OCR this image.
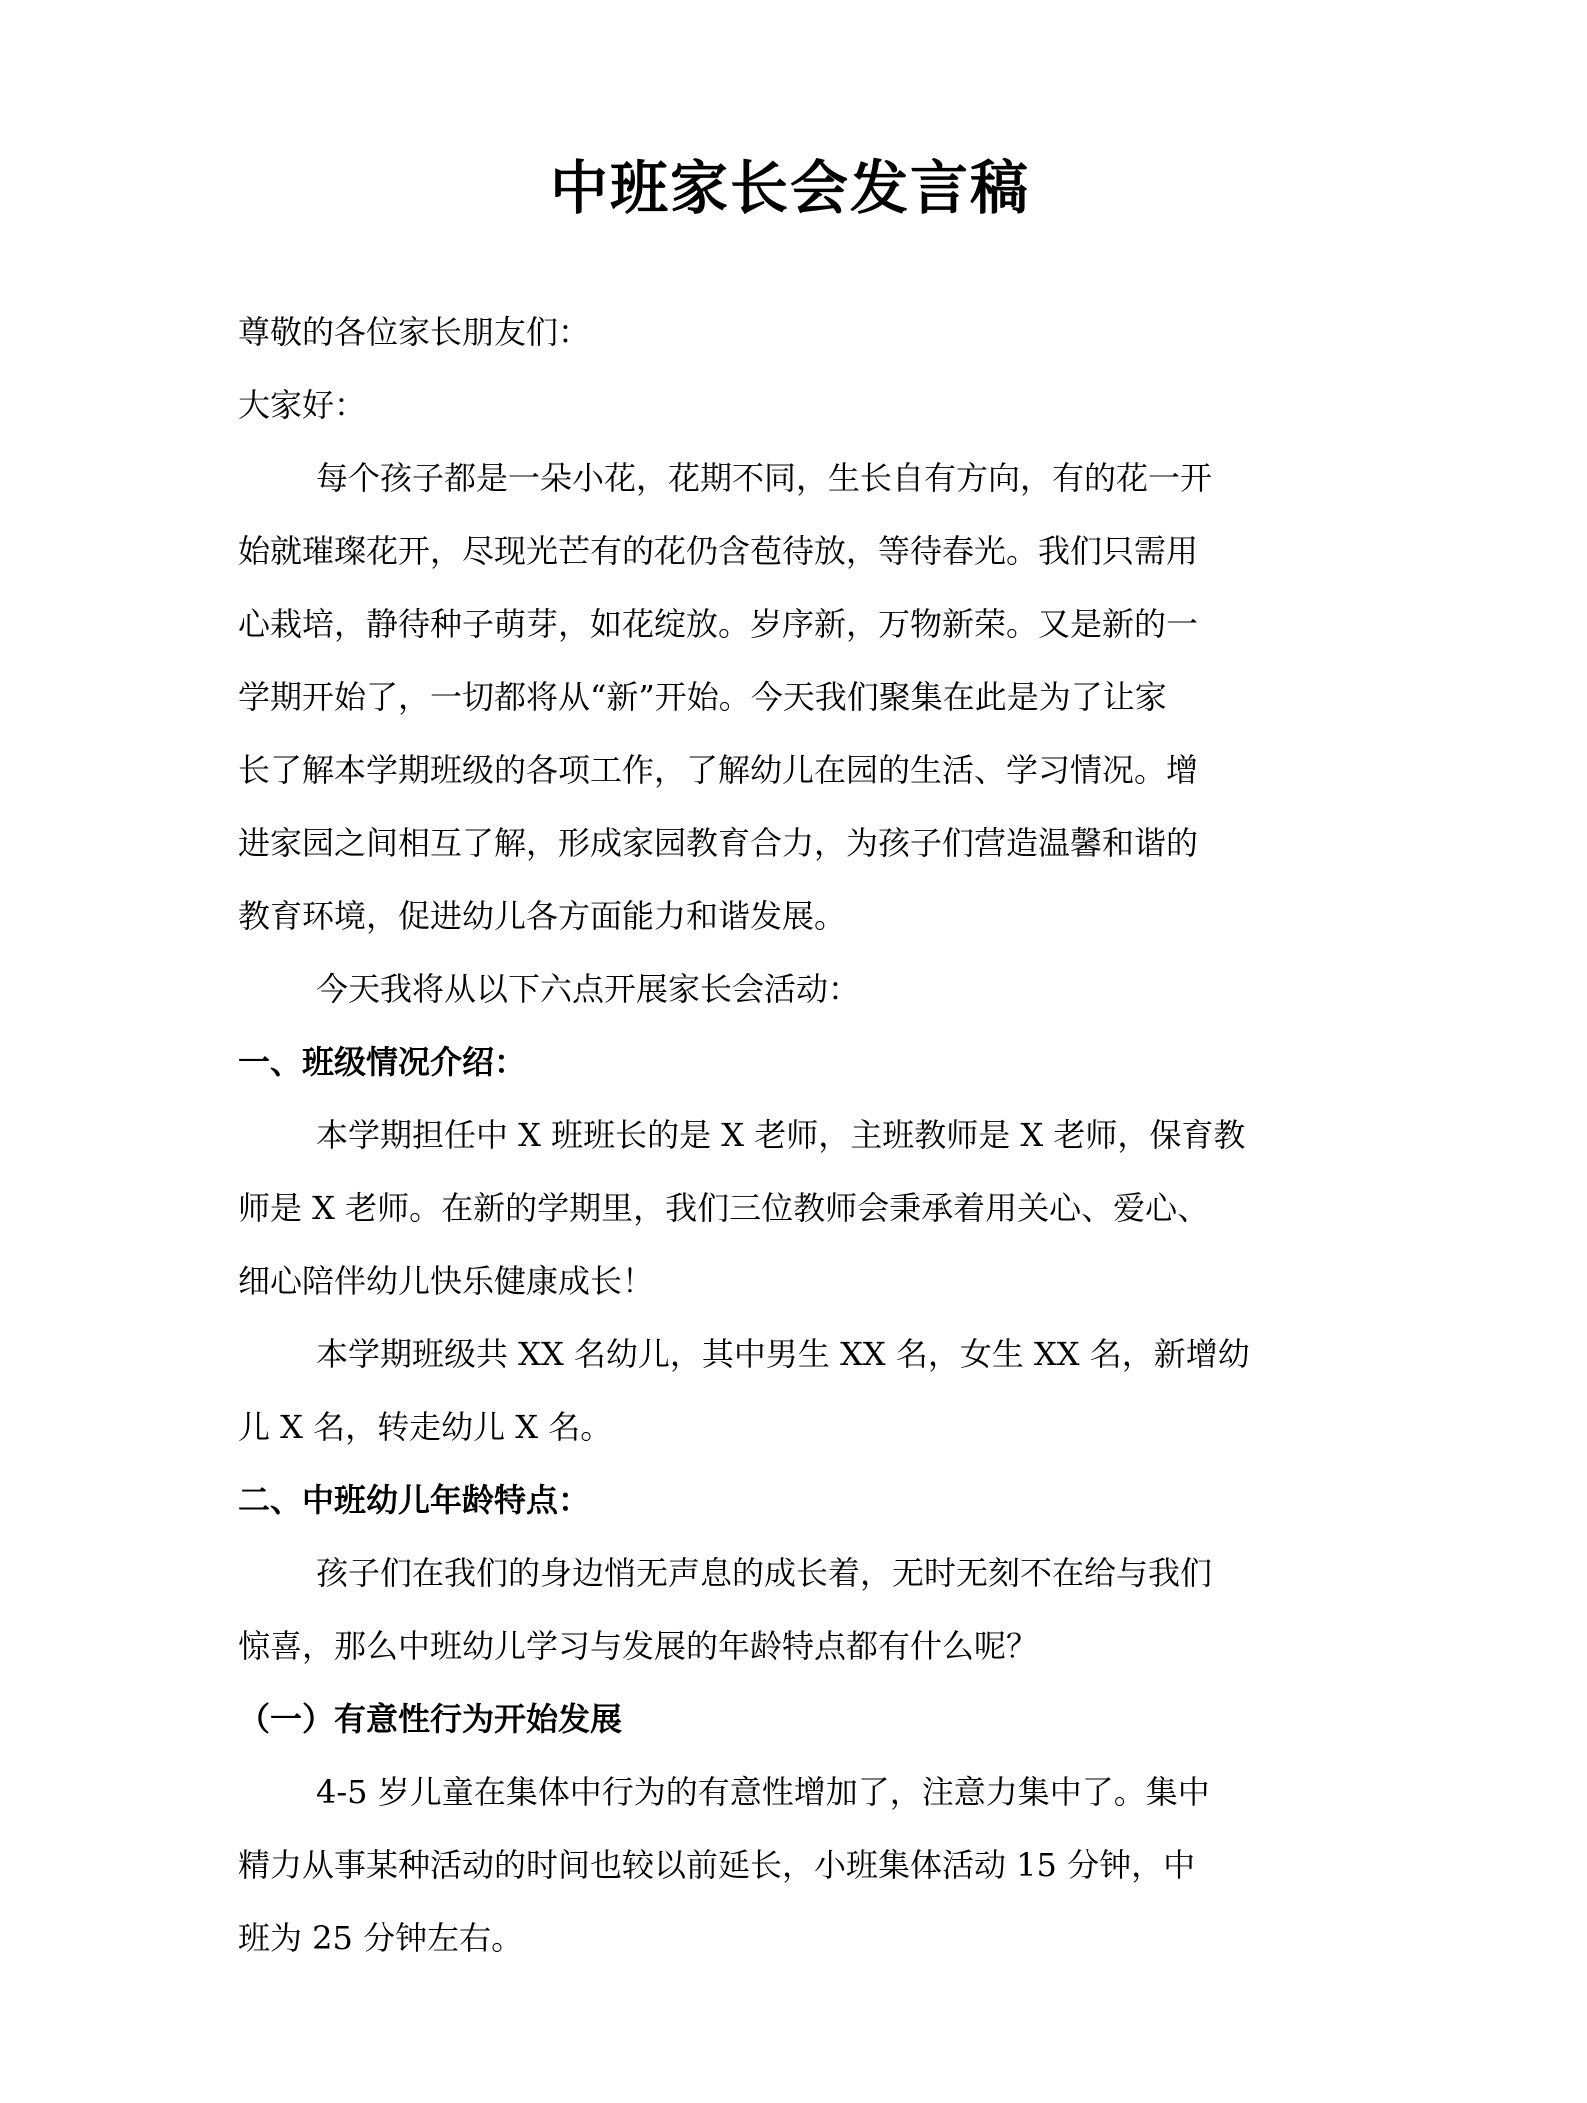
中班家长会发言稿
尊敬的各位家长朋友们：
大家好：
每个孩子都是一朵小花，花期不同，生长自有方向，有的花一开
始就璀璨花开，尽现光芒有的花仍含苞待放，等待春光。我们只需用
心栽培，静待种子萌芽，如花绽放。岁序新，万物新荣。又是新的一
学期开始了，一切都将从“新”开始。今天我们聚集在此是为了让家
长了解本学期班级的各项工作，了解幼儿在园的生活、学习情况。增
进家园之间相互了解，形成家园教育合力，为孩子们营造温馨和谐的
教育环境，促进幼儿各方面能力和谐发展。
今天我将从以下六点开展家长会活动：
一、班级情况介绍：
本学期担任中 X 班班长的是 X 老师，主班教师是 X 老师，保育教
师是 X 老师。在新的学期里，我们三位教师会秉承着用关心、爱心、
细心陪伴幼儿快乐健康成长！
本学期班级共 XX 名幼儿，其中男生 XX 名，女生 XX 名，新增幼
儿 X 名，转走幼儿 X 名。
二、中班幼儿年龄特点：
孩子们在我们的身边悄无声息的成长着，无时无刻不在给与我们
惊喜，那么中班幼儿学习与发展的年龄特点都有什么呢？
（一）有意性行为开始发展
4-5 岁儿童在集体中行为的有意性增加了，注意力集中了。集中
精力从事某种活动的时间也较以前延长，小班集体活动 15 分钟，中
班为 25 分钟左右。
